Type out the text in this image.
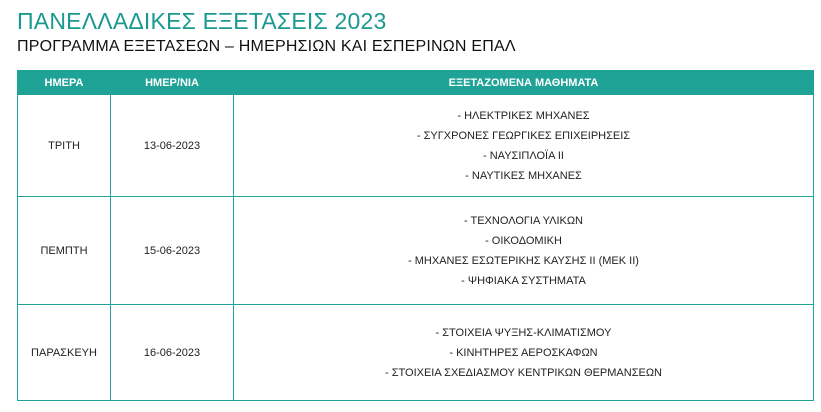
ΠΑΝΕΛΛΑΔΙΚΕΣ ΕΞΕΤΑΣΕΙΣ 2023
ΠΡΟΓΡΑΜΜΑ ΕΞΕΤΑΣΕΩΝ – ΗΜΕΡΗΣΙΩΝ ΚΑΙ ΕΣΠΕΡΙΝΩΝ ΕΠΑΛ
ΗΜΕΡΑ	ΗΜΕΡ/ΝΙΑ	ΕΞΕΤΑΖΟΜΕΝΑ ΜΑΘΗΜΑΤΑ
ΤΡΙΤΗ	13-06-2023	- ΗΛΕΚΤΡΙΚΕΣ ΜΗΧΑΝΕΣ
- ΣΥΓΧΡΟΝΕΣ ΓΕΩΡΓΙΚΕΣ ΕΠΙΧΕΙΡΗΣΕΙΣ
- ΝΑΥΣΙΠΛΟΪΑ ΙΙ
- ΝΑΥΤΙΚΕΣ ΜΗΧΑΝΕΣ

ΠΕΜΠΤΗ	15-06-2023	- ΤΕΧΝΟΛΟΓΙΑ ΥΛΙΚΩΝ
- ΟΙΚΟΔΟΜΙΚΗ
- ΜΗΧΑΝΕΣ ΕΣΩΤΕΡΙΚΗΣ ΚΑΥΣΗΣ ΙΙ (ΜΕΚ ΙΙ)
- ΨΗΦΙΑΚΑ ΣΥΣΤΗΜΑΤΑ

ΠΑΡΑΣΚΕΥΗ	16-06-2023	- ΣΤΟΙΧΕΙΑ ΨΥΞΗΣ-ΚΛΙΜΑΤΙΣΜΟΥ
- ΚΙΝΗΤΗΡΕΣ ΑΕΡΟΣΚΑΦΩΝ
- ΣΤΟΙΧΕΙΑ ΣΧΕΔΙΑΣΜΟΥ ΚΕΝΤΡΙΚΩΝ ΘΕΡΜΑΝΣΕΩΝ
